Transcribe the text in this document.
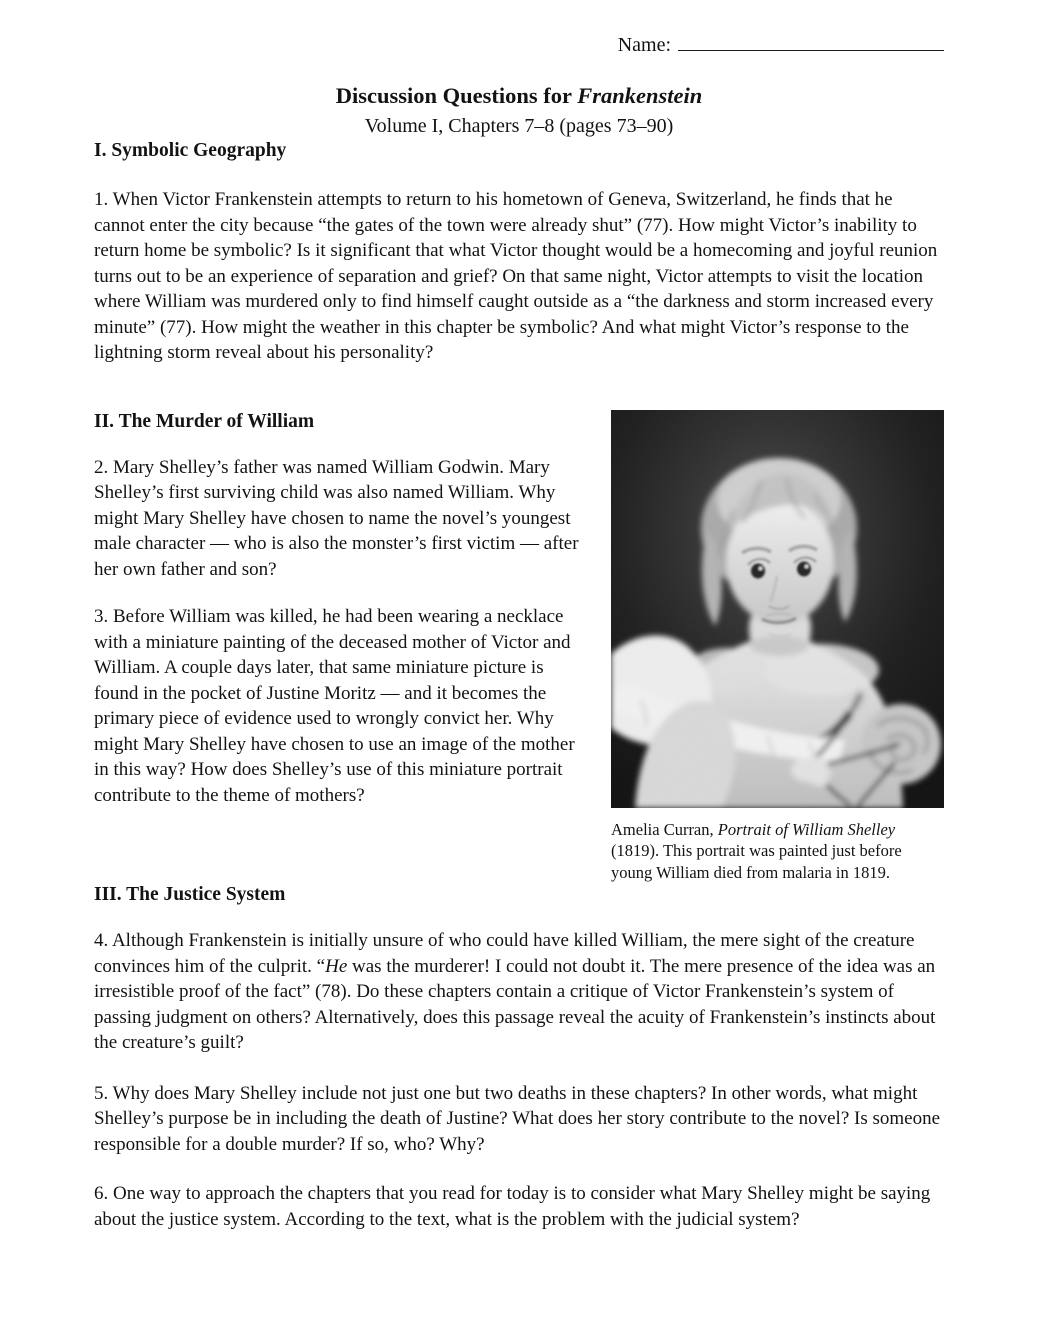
Name:
Discussion Questions for Frankenstein
Volume I, Chapters 7–8 (pages 73–90)
I. Symbolic Geography

1. When Victor Frankenstein attempts to return to his hometown of Geneva, Switzerland, he finds that he cannot enter the city because “the gates of the town were already shut” (77). How might Victor’s inability to return home be symbolic? Is it significant that what Victor thought would be a homecoming and joyful reunion turns out to be an experience of separation and grief? On that same night, Victor attempts to visit the location where William was murdered only to find himself caught outside as a “the darkness and storm increased every minute” (77). How might the weather in this chapter be symbolic? And what might Victor’s response to the lightning storm reveal about his personality?

II. The Murder of William

2. Mary Shelley’s father was named William Godwin. Mary Shelley’s first surviving child was also named William. Why might Mary Shelley have chosen to name the novel’s youngest male character — who is also the monster’s first victim — after her own father and son?

3. Before William was killed, he had been wearing a necklace with a miniature painting of the deceased mother of Victor and William. A couple days later, that same miniature picture is found in the pocket of Justine Moritz — and it becomes the primary piece of evidence used to wrongly convict her. Why might Mary Shelley have chosen to use an image of the mother in this way? How does Shelley’s use of this miniature portrait contribute to the theme of mothers?

Amelia Curran, Portrait of William Shelley (1819). This portrait was painted just before young William died from malaria in 1819.
III. The Justice System

4. Although Frankenstein is initially unsure of who could have killed William, the mere sight of the creature convinces him of the culprit. “He was the murderer! I could not doubt it. The mere presence of the idea was an irresistible proof of the fact” (78). Do these chapters contain a critique of Victor Frankenstein’s system of passing judgment on others? Alternatively, does this passage reveal the acuity of Frankenstein’s instincts about the creature’s guilt?

5. Why does Mary Shelley include not just one but two deaths in these chapters? In other words, what might Shelley’s purpose be in including the death of Justine? What does her story contribute to the novel? Is someone responsible for a double murder? If so, who? Why?

6. One way to approach the chapters that you read for today is to consider what Mary Shelley might be saying about the justice system. According to the text, what is the problem with the judicial system?
